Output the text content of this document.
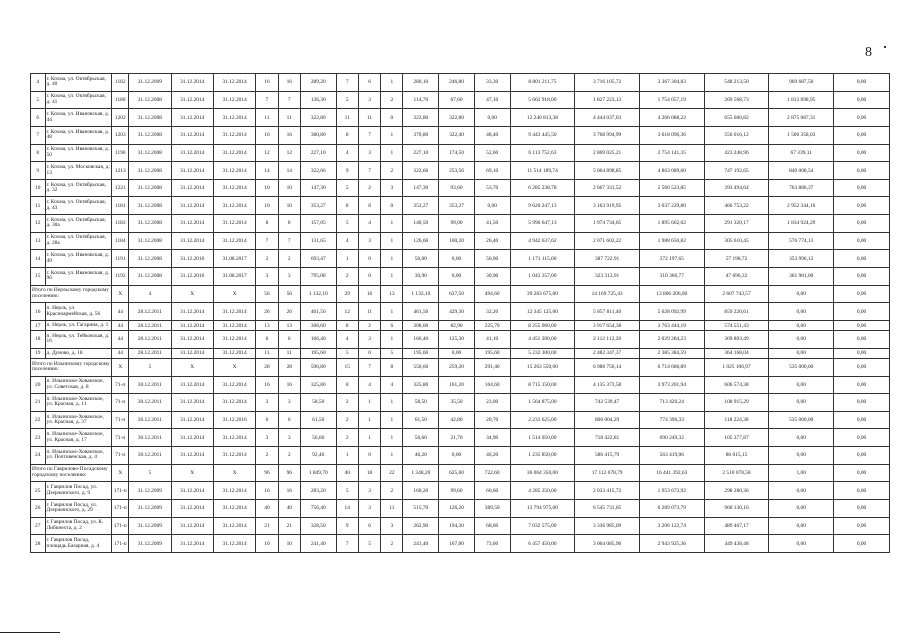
8
4	г. Кохма, ул. Октябрьская, д. 40	1182	31.12.2009	31.12.2014	31.12.2014	16	16	289,20	7	6	1	280,10	246,80	33,30	8 801 211,75	3 716 105,72	3 367 304,83	548 213,50	969 687,50	0,00
5	г. Кохма, ул. Октябрьская, д. 41	1180	31.12.2008	31.12.2014	31.12.2014	7	7	136,30	5	3	2	114,70	67,60	47,10	5 663 918,00	1 827 223,13	1 754 057,19	269 568,73	1 813 098,95	0,00
6	г. Кохма, ул. Ивановская, д. 44	1202	31.12.2008	31.12.2014	31.12.2014	11	11	322,80	11	11	0	322,80	322,80	0,00	12 240 813,38	4 444 037,03	4 266 088,22	655 600,82	2 875 087,31	0,00
7	г. Кохма, ул. Ивановская, д. 48	1203	31.12.2008	31.12.2014	31.12.2014	16	16	380,80	8	7	1	370,80	322,40	48,40	9 443 445,50	3 768 994,99	3 618 096,36	556 016,12	1 500 358,03	0,00
8	г. Кохма, ул. Ивановская, д. 50	1190	31.12.2008	31.12.2014	31.12.2014	12	12	227,10	4	3	1	227,10	174,50	52,60	6 113 752,63	2 869 025,21	2 754 141,35	423 248,96	67 339,11	0,00
9	г. Кохма, ул. Московская, д. 13	1213	31.12.2008	31.12.2014	31.12.2014	14	14	322,66	9	7	2	322,66	253,56	69,10	11 514 189,74	5 064 898,85	4 863 089,60	747 192,65	840 008,54	0,00
10	г. Кохма, ул. Октябрьская, д. 32	1221	31.12.2008	31.12.2014	31.12.2014	10	10	147,30	5	2	3	147,30	93,60	53,70	6 285 238,78	2 667 331,52	2 560 523,85	393 494,64	763 886,37	0,00
11	г. Кохма, ул. Октябрьская, д. 43	1181	31.12.2008	31.12.2014	31.12.2014	10	10	353,27	8	8	0	353,27	353,27	0,00	9 620 247,13	3 163 919,95	3 037 229,80	466 753,22	2 952 344,16	0,00
12	г. Кохма, ул. Октябрьская, д. 30а	1183	31.12.2008	31.12.2014	31.12.2014	8	8	157,05	5	4	1	140,50	99,00	41,50	5 996 647,13	1 974 734,65	1 895 662,02	291 320,17	1 834 924,29	0,00
13	г. Кохма, ул. Октябрьская, д. 28а	1184	31.12.2008	31.12.2014	31.12.2014	7	7	131,65	4	3	1	126,60	100,20	26,40	4 942 637,62	2 071 602,22	1 988 650,82	305 610,45	576 774,13	0,00
14	г. Кохма, ул. Ивановская, д. 49	1191	31.12.2008	31.12.2016	31.08.2017	2	2	693,47	1	0	1	56,00	0,00	56,00	1 171 115,00	387 722,91	372 197,65	57 198,72	353 996,12	0,00
15	г. Кохма, ул. Ивановская, д. 96	1192	31.12.2008	31.12.2016	31.08.2017	3	3	795,08	2	0	1	30,90	0,00	30,90	1 043 357,00	323 312,91	310 366,77	47 696,32	361 981,00	0,00
Итого по Нерльскому городскому поселению:		X	4	X	X	56	56	1 132,10	29	16	13	1 132,10	637,50	494,60	39 283 675,00	14 169 725,43	13 806 206,00	2 607 743,57	0,00	0,00
16	п. Нерль, ул. Красноармейская, д. 56	44	28.12.2011	31.12.2014	31.12.2014	26	26	461,50	12	11	1	461,50	429,30	32,20	12 345 125,00	5 857 811,40	5 628 092,99	859 220,61	0,00	0,00
17	п. Нерль, ул. Гагарина, д. 1	44	28.12.2011	31.12.2014	31.12.2014	13	13	308,60	8	2	6	308,60	82,90	225,70	8 255 060,00	3 917 654,38	3 763 444,19	574 551,43	0,00	0,00
18	п. Нерль, ул. Тейковская, д. 16	44	28.12.2011	31.12.2014	31.12.2014	6	6	166,40	4	3	1	166,40	125,30	41,10	4 451 200,00	2 112 112,28	2 029 284,23	309 803,49	0,00	0,00
19	д. Дуново, д. 18	44	28.12.2011	31.12.2014	31.12.2014	11	11	195,60	5	0	5	195,60	0,00	195,60	5 232 300,00	2 482 347,37	2 385 384,59	364 168,04	0,00	0,00
Итого по Ильинскому городскому поселению:		X	5	X	X	28	28	596,80	15	7	8	550,60	259,20	291,40	15 263 550,00	6 988 756,14	6 714 686,89	1 025 106,97	535 000,00	0,00
20	п. Ильинское-Хованское, ул. Советская, д. 8	71-п	30.12.2011	31.12.2014	31.12.2014	16	16	325,80	8	4	4	325,80	161,20	164,60	8 715 150,00	4 135 373,58	3 973 201,94	606 574,38	0,00	0,00
21	п. Ильинское-Хованское, ул. Красная, д. 11	71-п	30.12.2011	31.12.2014	31.12.2014	3	3	58,50	2	1	1	58,50	35,50	23,00	1 564 875,00	742 539,47	713 420,24	108 915,29	0,00	0,00
22	п. Ильинское-Хованское, ул. Красная, д. 37	71-п	30.12.2011	31.12.2014	31.12.2016	6	6	61,50	2	1	1	61,50	42,80	20,70	2 233 625,00	806 004,29	774 396,33	118 224,38	535 000,00	0,00
23	п. Ильинское-Хованское, ул. Красная, д. 17	71-п	30.12.2011	31.12.2014	31.12.2014	3	3	56,60	2	1	1	56,60	21,70	34,90	1 514 050,00	718 422,81	690 249,32	105 377,87	0,00	0,00
24	п. Ильинское-Хованское, ул. Почтовенская, д. 4	71-п	30.12.2011	31.12.2014	31.12.2014	2	2	92,40	1	0	1	46,20	0,00	46,20	1 235 850,00	586 415,79	563 419,06	86 015,15	0,00	0,00
Итого по Гаврилово-Посадскому городскому поселению:		X	5	X	X	96	96	1 849,70	40	18	22	1 348,20	625,60	722,60	36 064 350,00	17 112 678,79	16 441 392,63	2 510 078,58	1,00	0,00
25	г. Гаврилов Посад, ул. Дзержинского, д. 9	171-п	31.12.2009	31.12.2014	31.12.2014	16	16	283,20	5	3	2	160,20	99,60	60,60	4 285 350,00	2 033 415,72	1 953 673,92	298 280,36	0,00	0,00
26	г. Гаврилов Посад, ул. Дзержинского, д. 29	171-п	31.12.2009	31.12.2014	31.12.2014	40	40	756,40	14	3	11	515,70	126,20	389,50	13 794 975,00	6 545 731,05	6 289 073,79	960 130,16	0,00	0,00
27	г. Гаврилов Посад, ул. К. Либкнехта, д. 2	171-п	31.12.2009	31.12.2014	31.12.2014	21	21	328,50	9	6	3	262,90	194,30	68,60	7 032 575,00	3 336 985,09	3 206 122,74	489 467,17	0,00	0,00
28	г. Гаврилов Посад, площадь Базарная, д. 4	171-п	31.12.2009	31.12.2014	31.12.2014	10	10	241,40	7	5	2	241,40	167,80	73,60	6 457 450,00	3 064 085,96	2 943 925,36	449 438,48	0,00	0,00
